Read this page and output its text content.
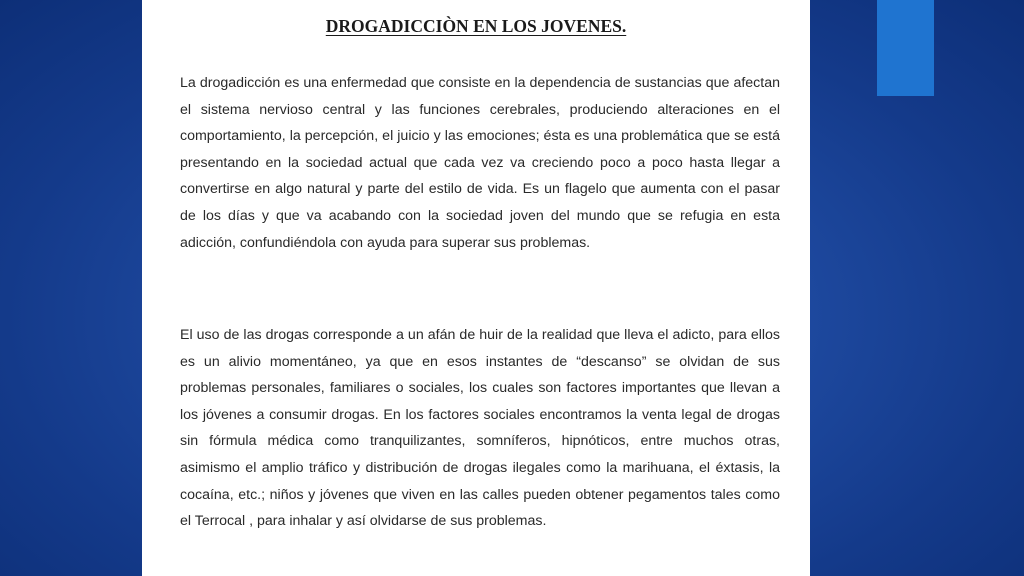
DROGADICCIÒN EN LOS JOVENES.

La drogadicción es una enfermedad que consiste en la dependencia de sustancias que afectan el sistema nervioso central y las funciones cerebrales, produciendo alteraciones en el comportamiento, la percepción, el juicio y las emociones; ésta es una problemática que se está presentando en la sociedad actual que cada vez va creciendo poco a poco hasta llegar a convertirse en algo natural y parte del estilo de vida. Es un flagelo que aumenta con el pasar de los días y que va acabando con la sociedad joven del mundo que se refugia en esta adicción, confundiéndola con ayuda para superar sus problemas.

El uso de las drogas corresponde a un afán de huir de la realidad que lleva el adicto, para ellos es un alivio momentáneo, ya que en esos instantes de “descanso” se olvidan de sus problemas personales, familiares o sociales, los cuales son factores importantes que llevan a los jóvenes a consumir drogas. En los factores sociales encontramos la venta legal de drogas sin fórmula médica como tranquilizantes, somníferos, hipnóticos, entre muchos otras, asimismo el amplio tráfico y distribución de drogas ilegales como la marihuana, el éxtasis, la cocaína, etc.; niños y jóvenes que viven en las calles pueden obtener pegamentos tales como el Terrocal , para inhalar y así olvidarse de sus problemas.
